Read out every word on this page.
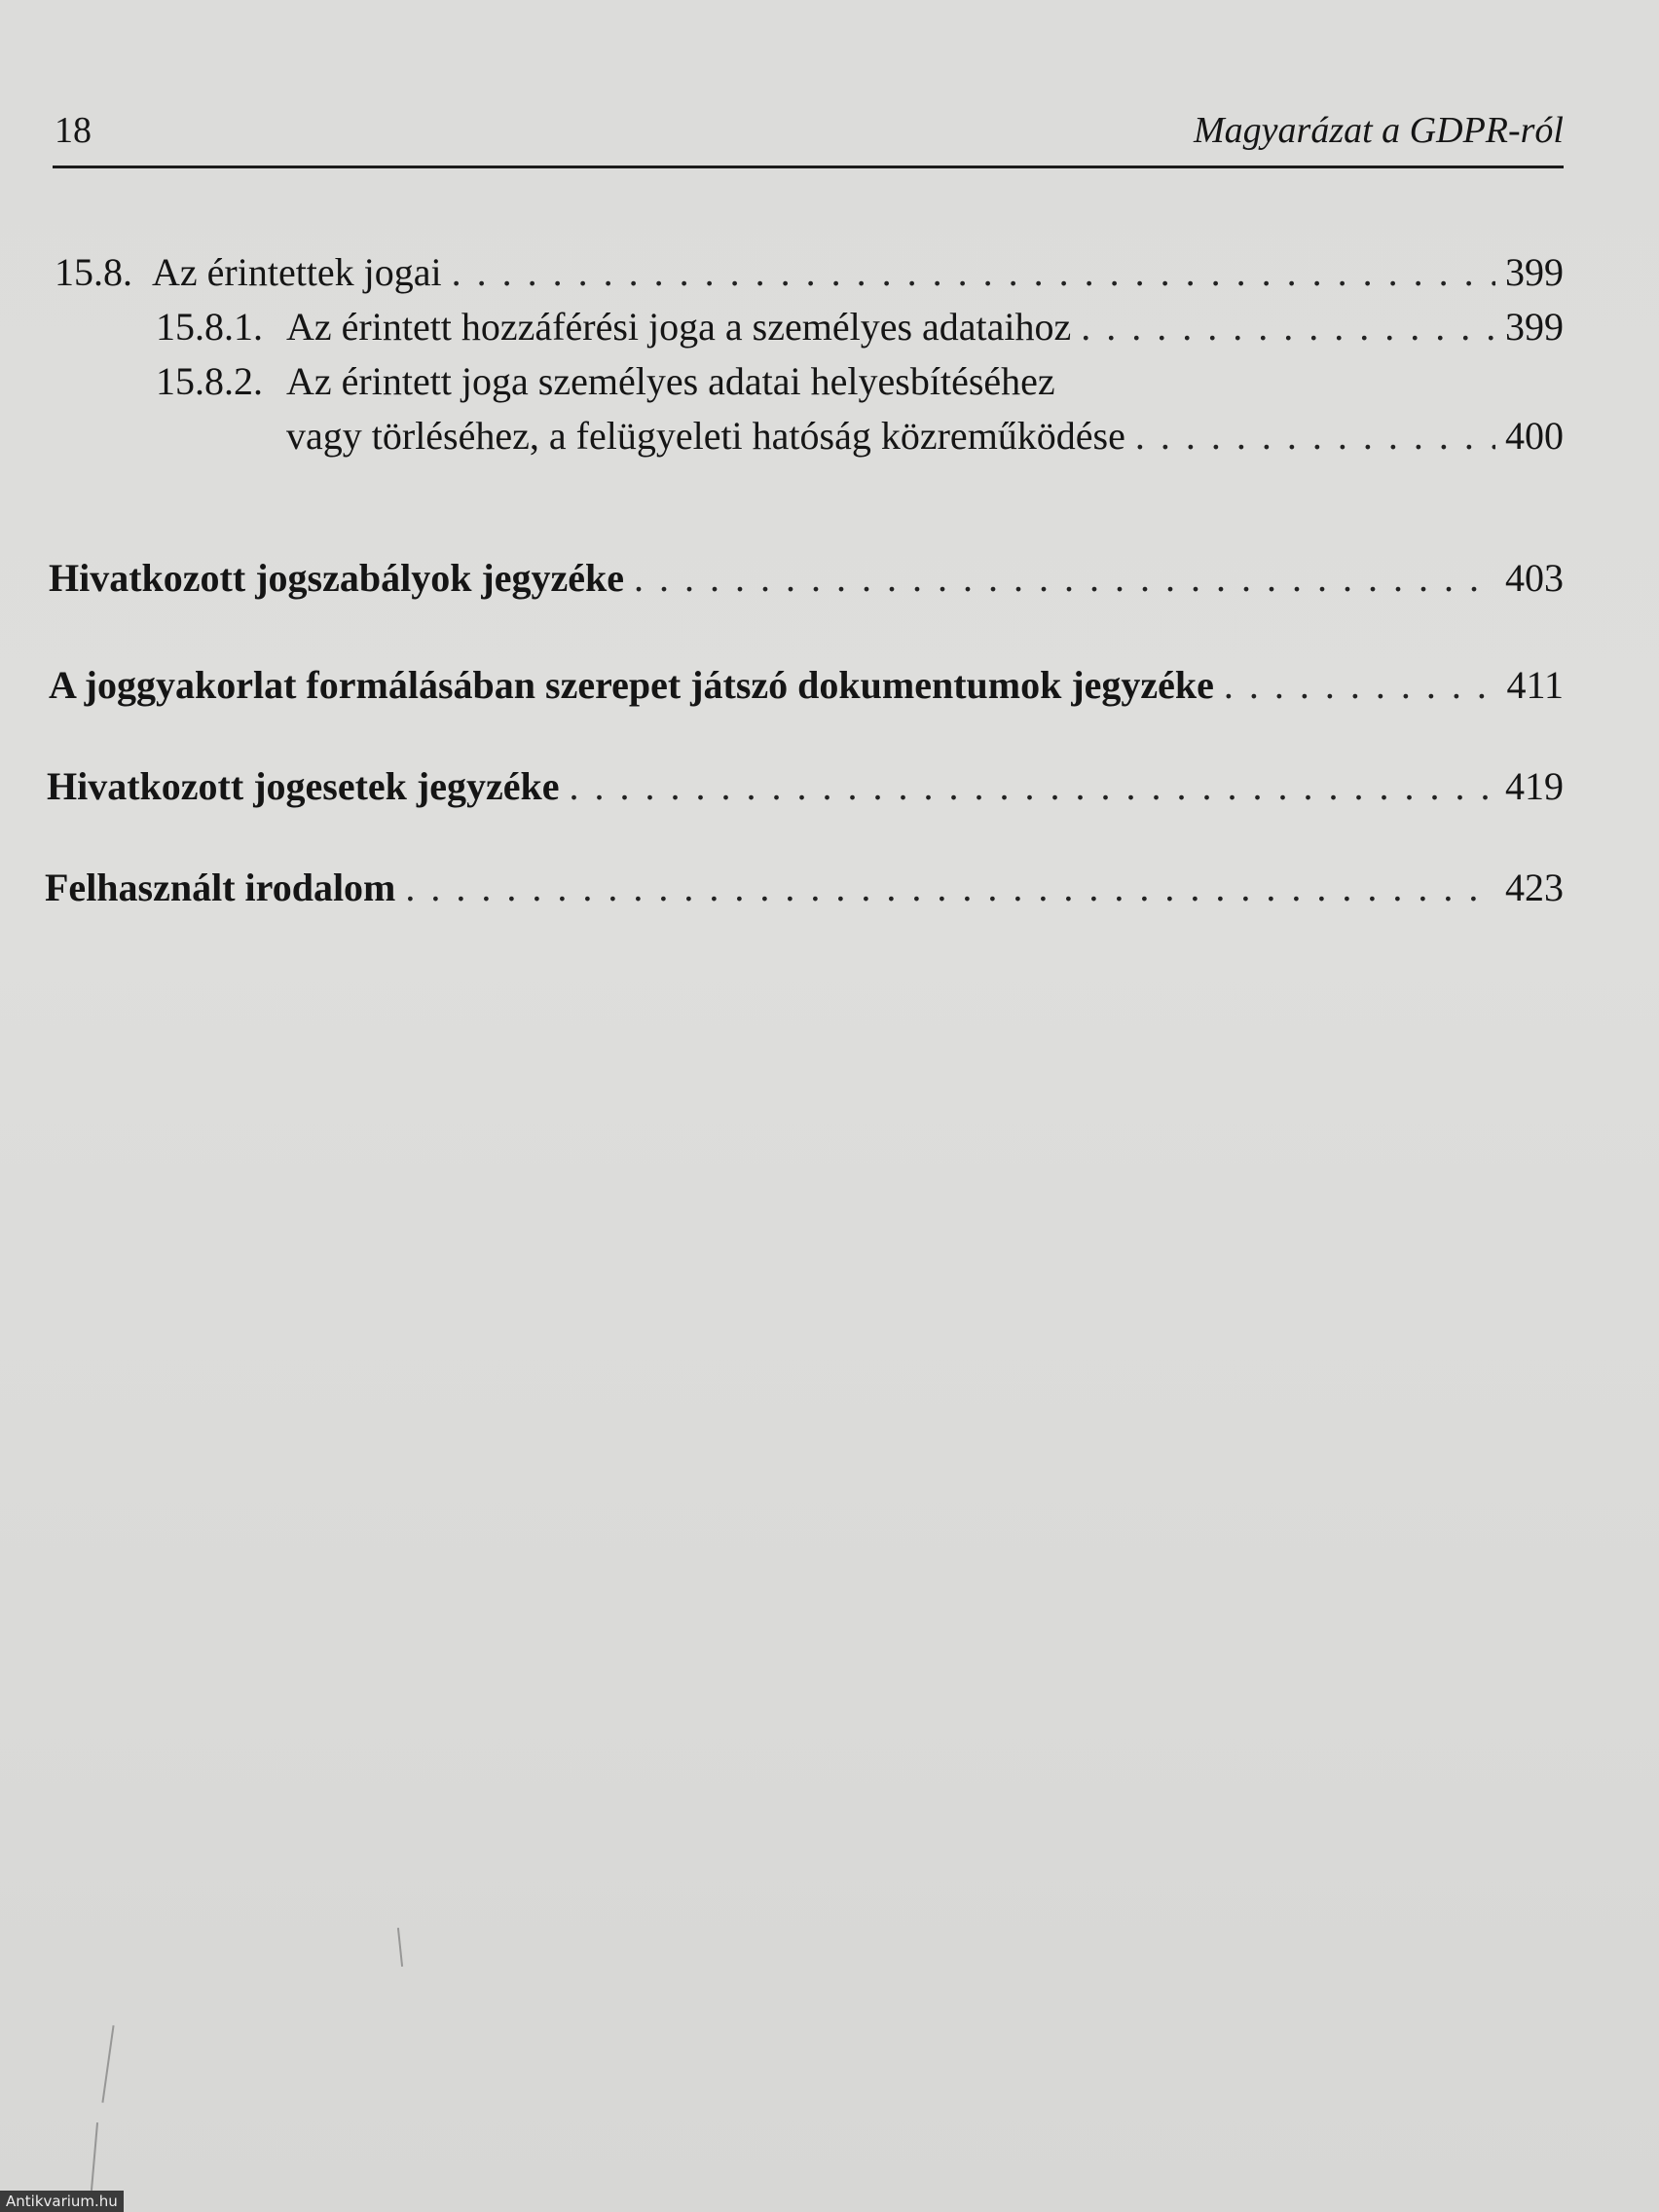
18	Magyarázat a GDPR-ról
15.8. Az érintettek jogai . . .	399
15.8.1. Az érintett hozzáférési joga a személyes adataihoz . . .	399
15.8.2. Az érintett joga személyes adatai helyesbítéséhez
vagy törléséhez, a felügyeleti hatóság közreműködése . . .	400
Hivatkozott jogszabályok jegyzéke . . .	403
A joggyakorlat formálásában szerepet játszó dokumentumok jegyzéke . . .	411
Hivatkozott jogesetek jegyzéke . . .	419
Felhasznált irodalom . . .	423
Antikvarium.hu
